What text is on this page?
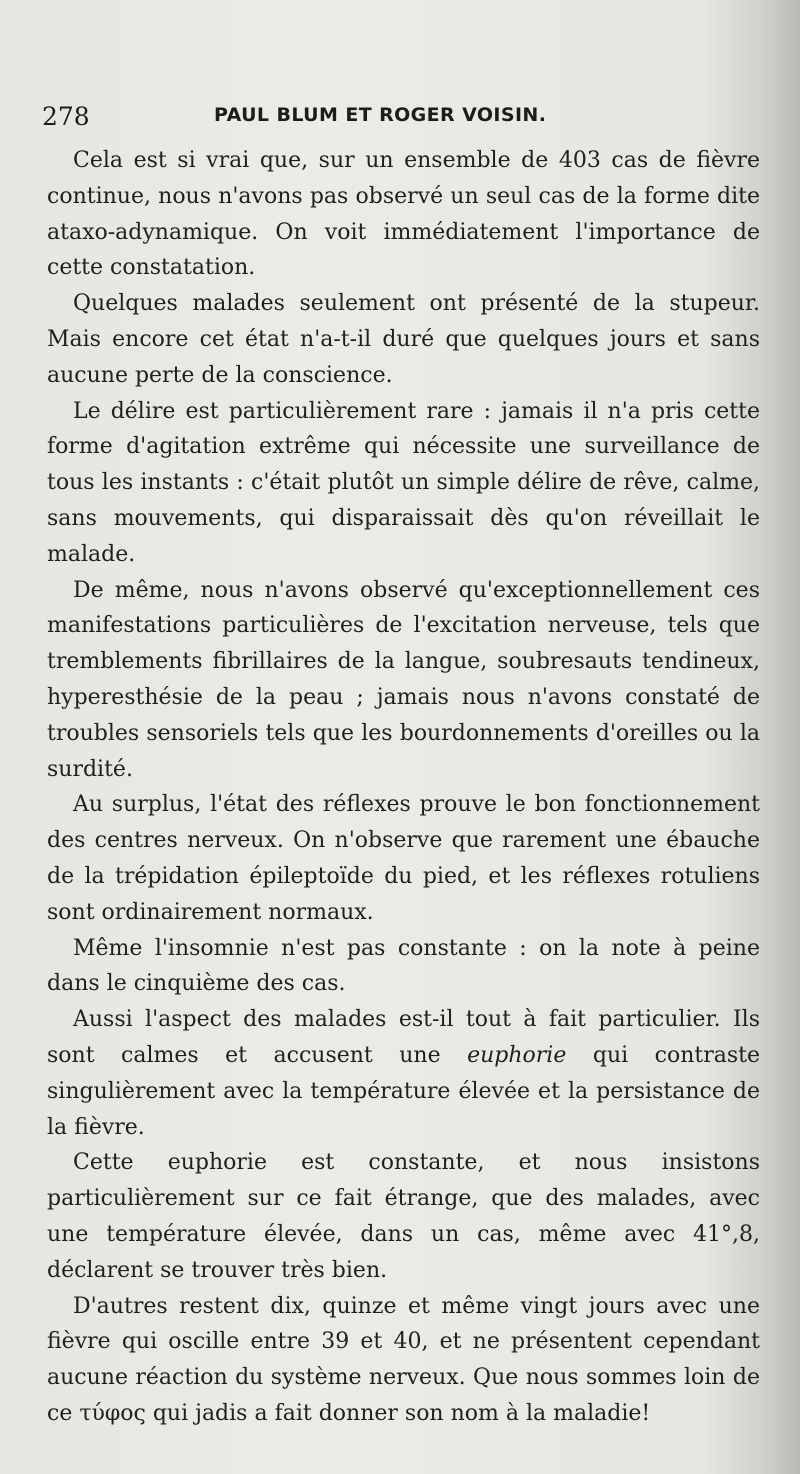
278	PAUL BLUM ET ROGER VOISIN.

Cela est si vrai que, sur un ensemble de 403 cas de fièvre continue, nous n'avons pas observé un seul cas de la forme dite ataxo-adynamique. On voit immédiatement l'importance de cette constatation.

Quelques malades seulement ont présenté de la stupeur. Mais encore cet état n'a-t-il duré que quelques jours et sans aucune perte de la conscience.

Le délire est particulièrement rare : jamais il n'a pris cette forme d'agitation extrême qui nécessite une surveillance de tous les instants : c'était plutôt un simple délire de rêve, calme, sans mouvements, qui disparaissait dès qu'on réveillait le malade.

De même, nous n'avons observé qu'exceptionnellement ces manifestations particulières de l'excitation nerveuse, tels que tremblements fibrillaires de la langue, soubresauts tendineux, hyperesthésie de la peau ; jamais nous n'avons constaté de troubles sensoriels tels que les bourdonnements d'oreilles ou la surdité.

Au surplus, l'état des réflexes prouve le bon fonctionnement des centres nerveux. On n'observe que rarement une ébauche de la trépidation épileptoïde du pied, et les réflexes rotuliens sont ordinairement normaux.

Même l'insomnie n'est pas constante : on la note à peine dans le cinquième des cas.

Aussi l'aspect des malades est-il tout à fait particulier. Ils sont calmes et accusent une euphorie qui contraste singulièrement avec la température élevée et la persistance de la fièvre.

Cette euphorie est constante, et nous insistons particulièrement sur ce fait étrange, que des malades, avec une température élevée, dans un cas, même avec 41°,8, déclarent se trouver très bien.

D'autres restent dix, quinze et même vingt jours avec une fièvre qui oscille entre 39 et 40, et ne présentent cependant aucune réaction du système nerveux. Que nous sommes loin de ce τύφος qui jadis a fait donner son nom à la maladie!
